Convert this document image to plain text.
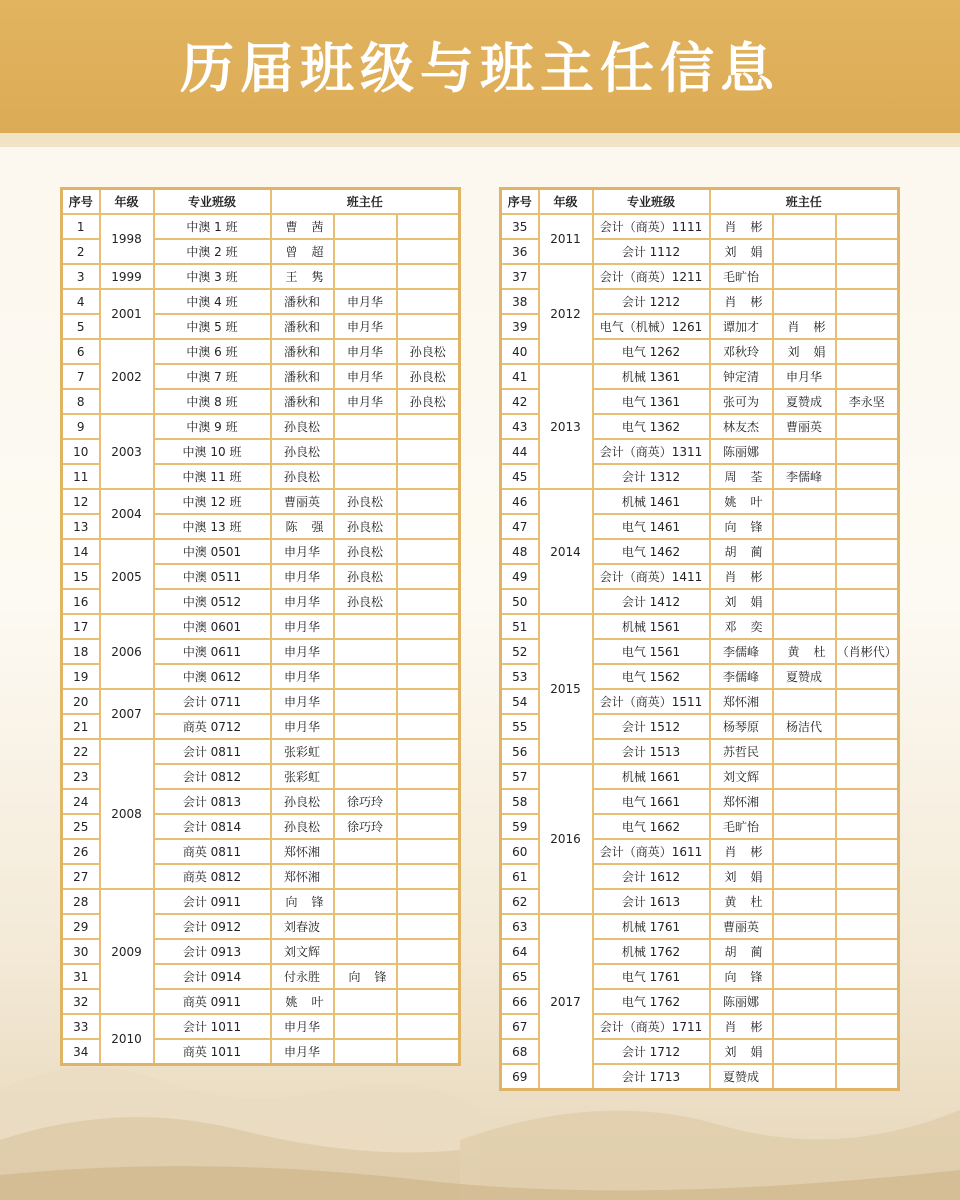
历届班级与班主任信息
序号	年级	专业班级	班主任		
1	1998	中澳 1 班	曹茜		
2		中澳 2 班	曾超		
3	1999	中澳 3 班	王隽		
4	2001	中澳 4 班	潘秋和	申月华	
5		中澳 5 班	潘秋和	申月华	
6	2002	中澳 6 班	潘秋和	申月华	孙良松
7		中澳 7 班	潘秋和	申月华	孙良松
8		中澳 8 班	潘秋和	申月华	孙良松
9	2003	中澳 9 班	孙良松		
10		中澳 10 班	孙良松		
11		中澳 11 班	孙良松		
12	2004	中澳 12 班	曹丽英	孙良松	
13		中澳 13 班	陈强	孙良松	
14	2005	中澳 0501	申月华	孙良松	
15		中澳 0511	申月华	孙良松	
16		中澳 0512	申月华	孙良松	
17	2006	中澳 0601	申月华		
18		中澳 0611	申月华		
19		中澳 0612	申月华		
20	2007	会计 0711	申月华		
21		商英 0712	申月华		
22	2008	会计 0811	张彩虹		
23		会计 0812	张彩虹		
24		会计 0813	孙良松	徐巧玲	
25		会计 0814	孙良松	徐巧玲	
26		商英 0811	郑怀湘		
27		商英 0812	郑怀湘		
28	2009	会计 0911	向锋		
29		会计 0912	刘春波		
30		会计 0913	刘文辉		
31		会计 0914	付永胜	向锋	
32		商英 0911	姚叶		
33	2010	会计 1011	申月华		
34		商英 1011	申月华		
序号	年级	专业班级	班主任		
35	2011	会计（商英）1111	肖彬		
36		会计 1112	刘娟		
37	2012	会计（商英）1211	毛旷怡		
38		会计 1212	肖彬		
39		电气（机械）1261	谭加才	肖彬	
40		电气 1262	邓秋玲	刘娟	
41	2013	机械 1361	钟定清	申月华	
42		电气 1361	张可为	夏赞成	李永坚
43		电气 1362	林友杰	曹丽英	
44		会计（商英）1311	陈丽娜		
45		会计 1312	周荃	李儒峰	
46	2014	机械 1461	姚叶		
47		电气 1461	向锋		
48		电气 1462	胡蔺		
49		会计（商英）1411	肖彬		
50		会计 1412	刘娟		
51	2015	机械 1561	邓奕		
52		电气 1561	李儒峰	黄杜	（肖彬代）
53		电气 1562	李儒峰	夏赞成	
54		会计（商英）1511	郑怀湘		
55		会计 1512	杨琴原	杨洁代	
56		会计 1513	苏哲民		
57	2016	机械 1661	刘文辉		
58		电气 1661	郑怀湘		
59		电气 1662	毛旷怡		
60		会计（商英）1611	肖彬		
61		会计 1612	刘娟		
62		会计 1613	黄杜		
63	2017	机械 1761	曹丽英		
64		机械 1762	胡蔺		
65		电气 1761	向锋		
66		电气 1762	陈丽娜		
67		会计（商英）1711	肖彬		
68		会计 1712	刘娟		
69		会计 1713	夏赞成		
